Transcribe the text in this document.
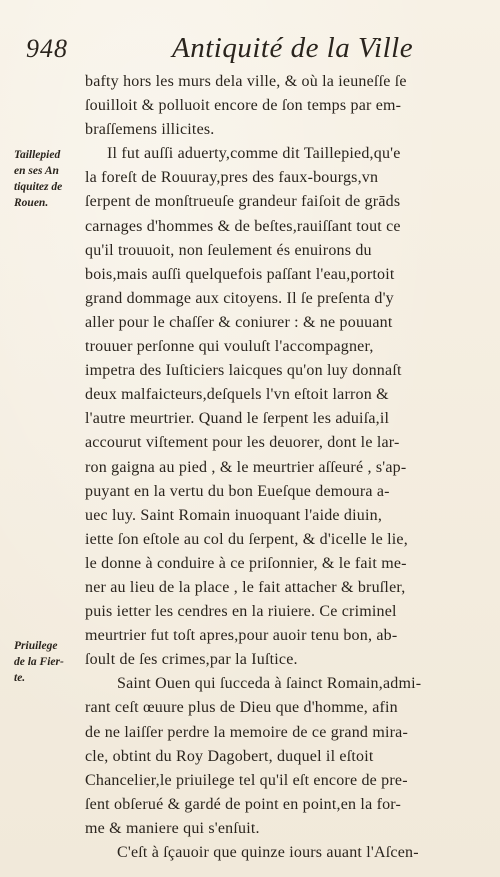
948	Antiquité de la Ville
Taillepied
en ses An
tiquitez de
Rouen.
Priuilege
de la Fier-
te.
bafty hors les murs dela ville, & où la ieuneſſe ſe
ſouilloit & polluoit encore de ſon temps par em-
braſſemens illicites.
Il fut auſſi aduerty,comme dit Taillepied,qu'e
la foreſt de Rouuray,pres des faux-bourgs,vn
ſerpent de monſtrueuſe grandeur faiſoit de grāds
carnages d'hommes & de beſtes,rauiſſant tout ce
qu'il trouuoit, non ſeulement és enuirons du
bois,mais auſſi quelquefois paſſant l'eau,portoit
grand dommage aux citoyens. Il ſe preſenta d'y
aller pour le chaſſer & coniurer : & ne pouuant
trouuer perſonne qui vouluſt l'accompagner,
impetra des Iuſticiers laicques qu'on luy donnaſt
deux malfaicteurs,deſquels l'vn eſtoit larron &
l'autre meurtrier. Quand le ſerpent les aduiſa,il
accourut viſtement pour les deuorer, dont le lar-
ron gaigna au pied , & le meurtrier aſſeuré , s'ap-
puyant en la vertu du bon Eueſque demoura a-
uec luy. Saint Romain inuoquant l'aide diuin,
iette ſon eſtole au col du ſerpent, & d'icelle le lie,
le donne à conduire à ce priſonnier, & le fait me-
ner au lieu de la place , le fait attacher & bruſler,
puis ietter les cendres en la riuiere. Ce criminel
meurtrier fut toſt apres,pour auoir tenu bon, ab-
ſoult de ſes crimes,par la Iuſtice.
Saint Ouen qui ſucceda à ſainct Romain,admi-
rant ceſt œuure plus de Dieu que d'homme, afin
de ne laiſſer perdre la memoire de ce grand mira-
cle, obtint du Roy Dagobert, duquel il eſtoit
Chancelier,le priuilege tel qu'il eſt encore de pre-
ſent obſerué & gardé de point en point,en la for-
me & maniere qui s'enſuit.
C'eſt à ſçauoir que quinze iours auant l'Aſcen-
